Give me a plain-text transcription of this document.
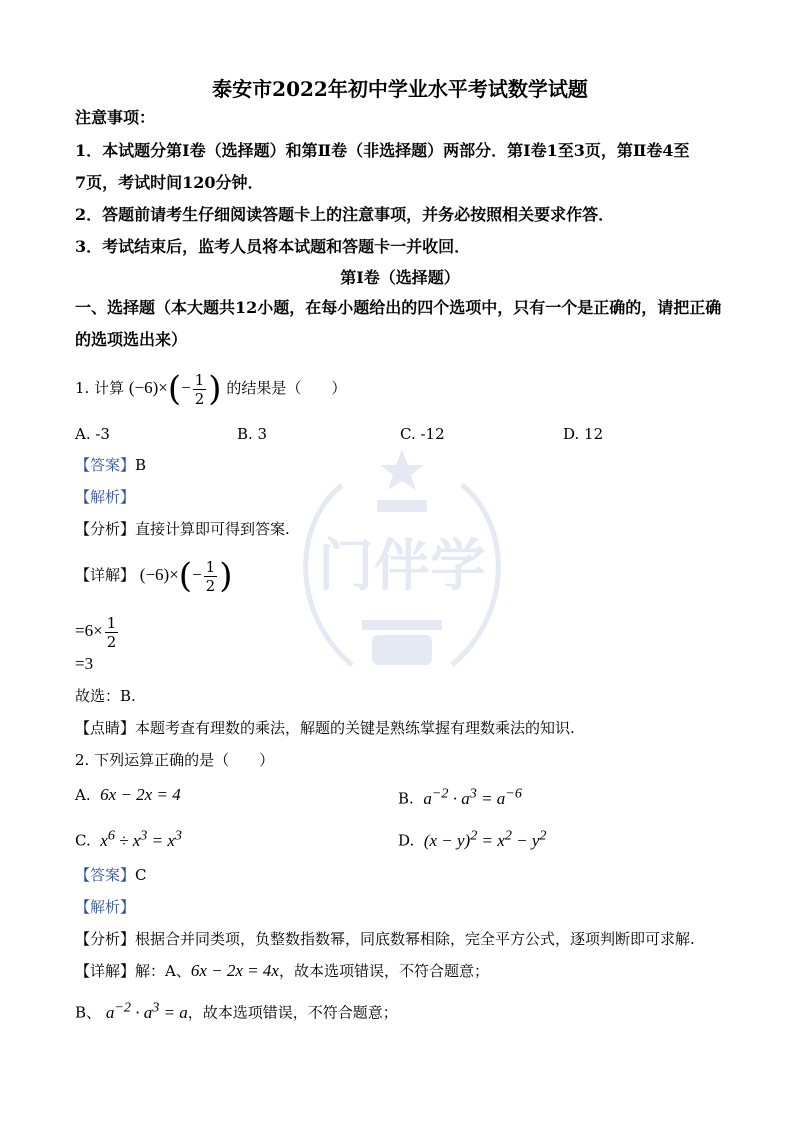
门伴学
泰安市2022年初中学业水平考试数学试题
注意事项：
1．本试题分第Ⅰ卷（选择题）和第Ⅱ卷（非选择题）两部分．第Ⅰ卷1至3页，第Ⅱ卷4至
7页，考试时间120分钟．
2．答题前请考生仔细阅读答题卡上的注意事项，并务必按照相关要求作答．
3．考试结束后，监考人员将本试题和答题卡一并收回．
第Ⅰ卷（选择题）
一、选择题（本大题共12小题，在每小题给出的四个选项中，只有一个是正确的，请把正确
的选项选出来）
1. 计算 $(-6)\times(- \frac{1}{2}$ ) 的结果是（　　）
A. -3	B. 3	C. -12	D. 12
【答案】B
【解析】
【分析】直接计算即可得到答案.
【详解】 $(-6)\times(- \frac{1}{2}$ )
$=6\times \frac{1}{2}$
=3
故选：B.
【点睛】本题考查有理数的乘法，解题的关键是熟练掌握有理数乘法的知识.
2. 下列运算正确的是（　　）
A. 6x − 2x = 4	B. $a^{-2} \cdot a^3 = a^{-6}$
C. $x^6 \div x^3 = x^3$	D. $(x - y)^2 = x^2 - y^2$
【答案】C
【解析】
【分析】根据合并同类项，负整数指数幂，同底数幂相除，完全平方公式，逐项判断即可求解.
【详解】解：A、6x − 2x = 4x，故本选项错误，不符合题意；
B、 $a^{-2} \cdot a^3 = a$，故本选项错误，不符合题意；
